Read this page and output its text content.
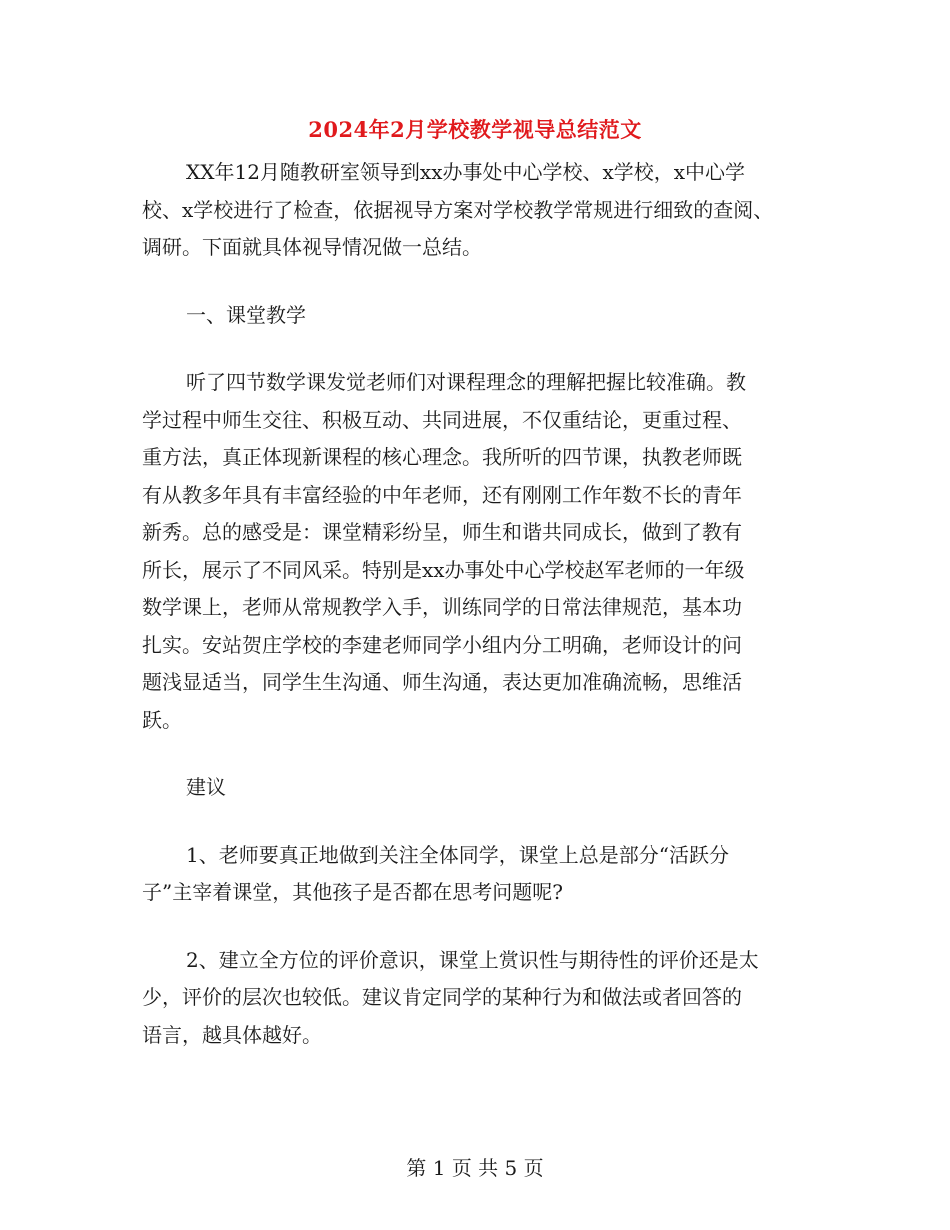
2024年2月学校教学视导总结范文

XX年12月随教研室领导到xx办事处中心学校、x学校，x中心学
校、x学校进行了检查，依据视导方案对学校教学常规进行细致的查阅、
调研。下面就具体视导情况做一总结。

一、课堂教学

听了四节数学课发觉老师们对课程理念的理解把握比较准确。教
学过程中师生交往、积极互动、共同进展，不仅重结论，更重过程、
重方法，真正体现新课程的核心理念。我所听的四节课，执教老师既
有从教多年具有丰富经验的中年老师，还有刚刚工作年数不长的青年
新秀。总的感受是：课堂精彩纷呈，师生和谐共同成长，做到了教有
所长，展示了不同风采。特别是xx办事处中心学校赵军老师的一年级
数学课上，老师从常规教学入手，训练同学的日常法律规范，基本功
扎实。安站贺庄学校的李建老师同学小组内分工明确，老师设计的问
题浅显适当，同学生生沟通、师生沟通，表达更加准确流畅，思维活
跃。

建议

1、老师要真正地做到关注全体同学，课堂上总是部分“活跃分
子”主宰着课堂，其他孩子是否都在思考问题呢?

2、建立全方位的评价意识，课堂上赏识性与期待性的评价还是太
少，评价的层次也较低。建议肯定同学的某种行为和做法或者回答的
语言，越具体越好。

第 1 页 共 5 页
